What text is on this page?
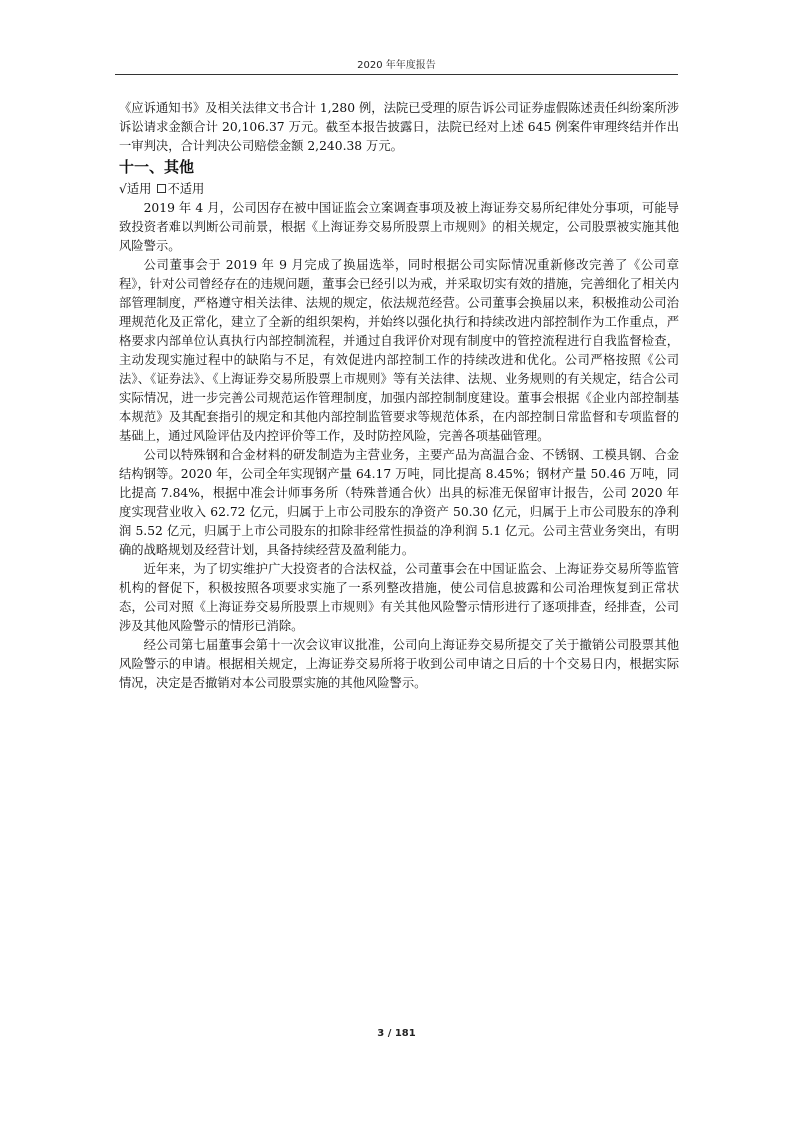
2020 年年度报告

《应诉通知书》及相关法律文书合计 1,280 例，法院已受理的原告诉公司证券虚假陈述责任纠纷案所涉诉讼请求金额合计 20,106.37 万元。截至本报告披露日，法院已经对上述 645 例案件审理终结并作出一审判决，合计判决公司赔偿金额 2,240.38 万元。

十一、其他

√适用 不适用

2019 年 4 月，公司因存在被中国证监会立案调查事项及被上海证券交易所纪律处分事项，可能导致投资者难以判断公司前景，根据《上海证券交易所股票上市规则》的相关规定，公司股票被实施其他风险警示。

公司董事会于 2019 年 9 月完成了换届选举，同时根据公司实际情况重新修改完善了《公司章程》，针对公司曾经存在的违规问题，董事会已经引以为戒，并采取切实有效的措施，完善细化了相关内部管理制度，严格遵守相关法律、法规的规定，依法规范经营。公司董事会换届以来，积极推动公司治理规范化及正常化，建立了全新的组织架构，并始终以强化执行和持续改进内部控制作为工作重点，严格要求内部单位认真执行内部控制流程，并通过自我评价对现有制度中的管控流程进行自我监督检查，主动发现实施过程中的缺陷与不足，有效促进内部控制工作的持续改进和优化。公司严格按照《公司法》、《证券法》、《上海证券交易所股票上市规则》等有关法律、法规、业务规则的有关规定，结合公司实际情况，进一步完善公司规范运作管理制度，加强内部控制制度建设。董事会根据《企业内部控制基本规范》及其配套指引的规定和其他内部控制监管要求等规范体系，在内部控制日常监督和专项监督的基础上，通过风险评估及内控评价等工作，及时防控风险，完善各项基础管理。

公司以特殊钢和合金材料的研发制造为主营业务，主要产品为高温合金、不锈钢、工模具钢、合金结构钢等。2020 年，公司全年实现钢产量 64.17 万吨，同比提高 8.45%；钢材产量 50.46 万吨，同比提高 7.84%，根据中准会计师事务所（特殊普通合伙）出具的标准无保留审计报告，公司 2020 年度实现营业收入 62.72 亿元，归属于上市公司股东的净资产 50.30 亿元，归属于上市公司股东的净利润 5.52 亿元，归属于上市公司股东的扣除非经常性损益的净利润 5.1 亿元。公司主营业务突出，有明确的战略规划及经营计划，具备持续经营及盈利能力。

近年来，为了切实维护广大投资者的合法权益，公司董事会在中国证监会、上海证券交易所等监管机构的督促下，积极按照各项要求实施了一系列整改措施，使公司信息披露和公司治理恢复到正常状态，公司对照《上海证券交易所股票上市规则》有关其他风险警示情形进行了逐项排查，经排查，公司涉及其他风险警示的情形已消除。

经公司第七届董事会第十一次会议审议批准，公司向上海证券交易所提交了关于撤销公司股票其他风险警示的申请。根据相关规定，上海证券交易所将于收到公司申请之日后的十个交易日内，根据实际情况，决定是否撤销对本公司股票实施的其他风险警示。

3 / 181
